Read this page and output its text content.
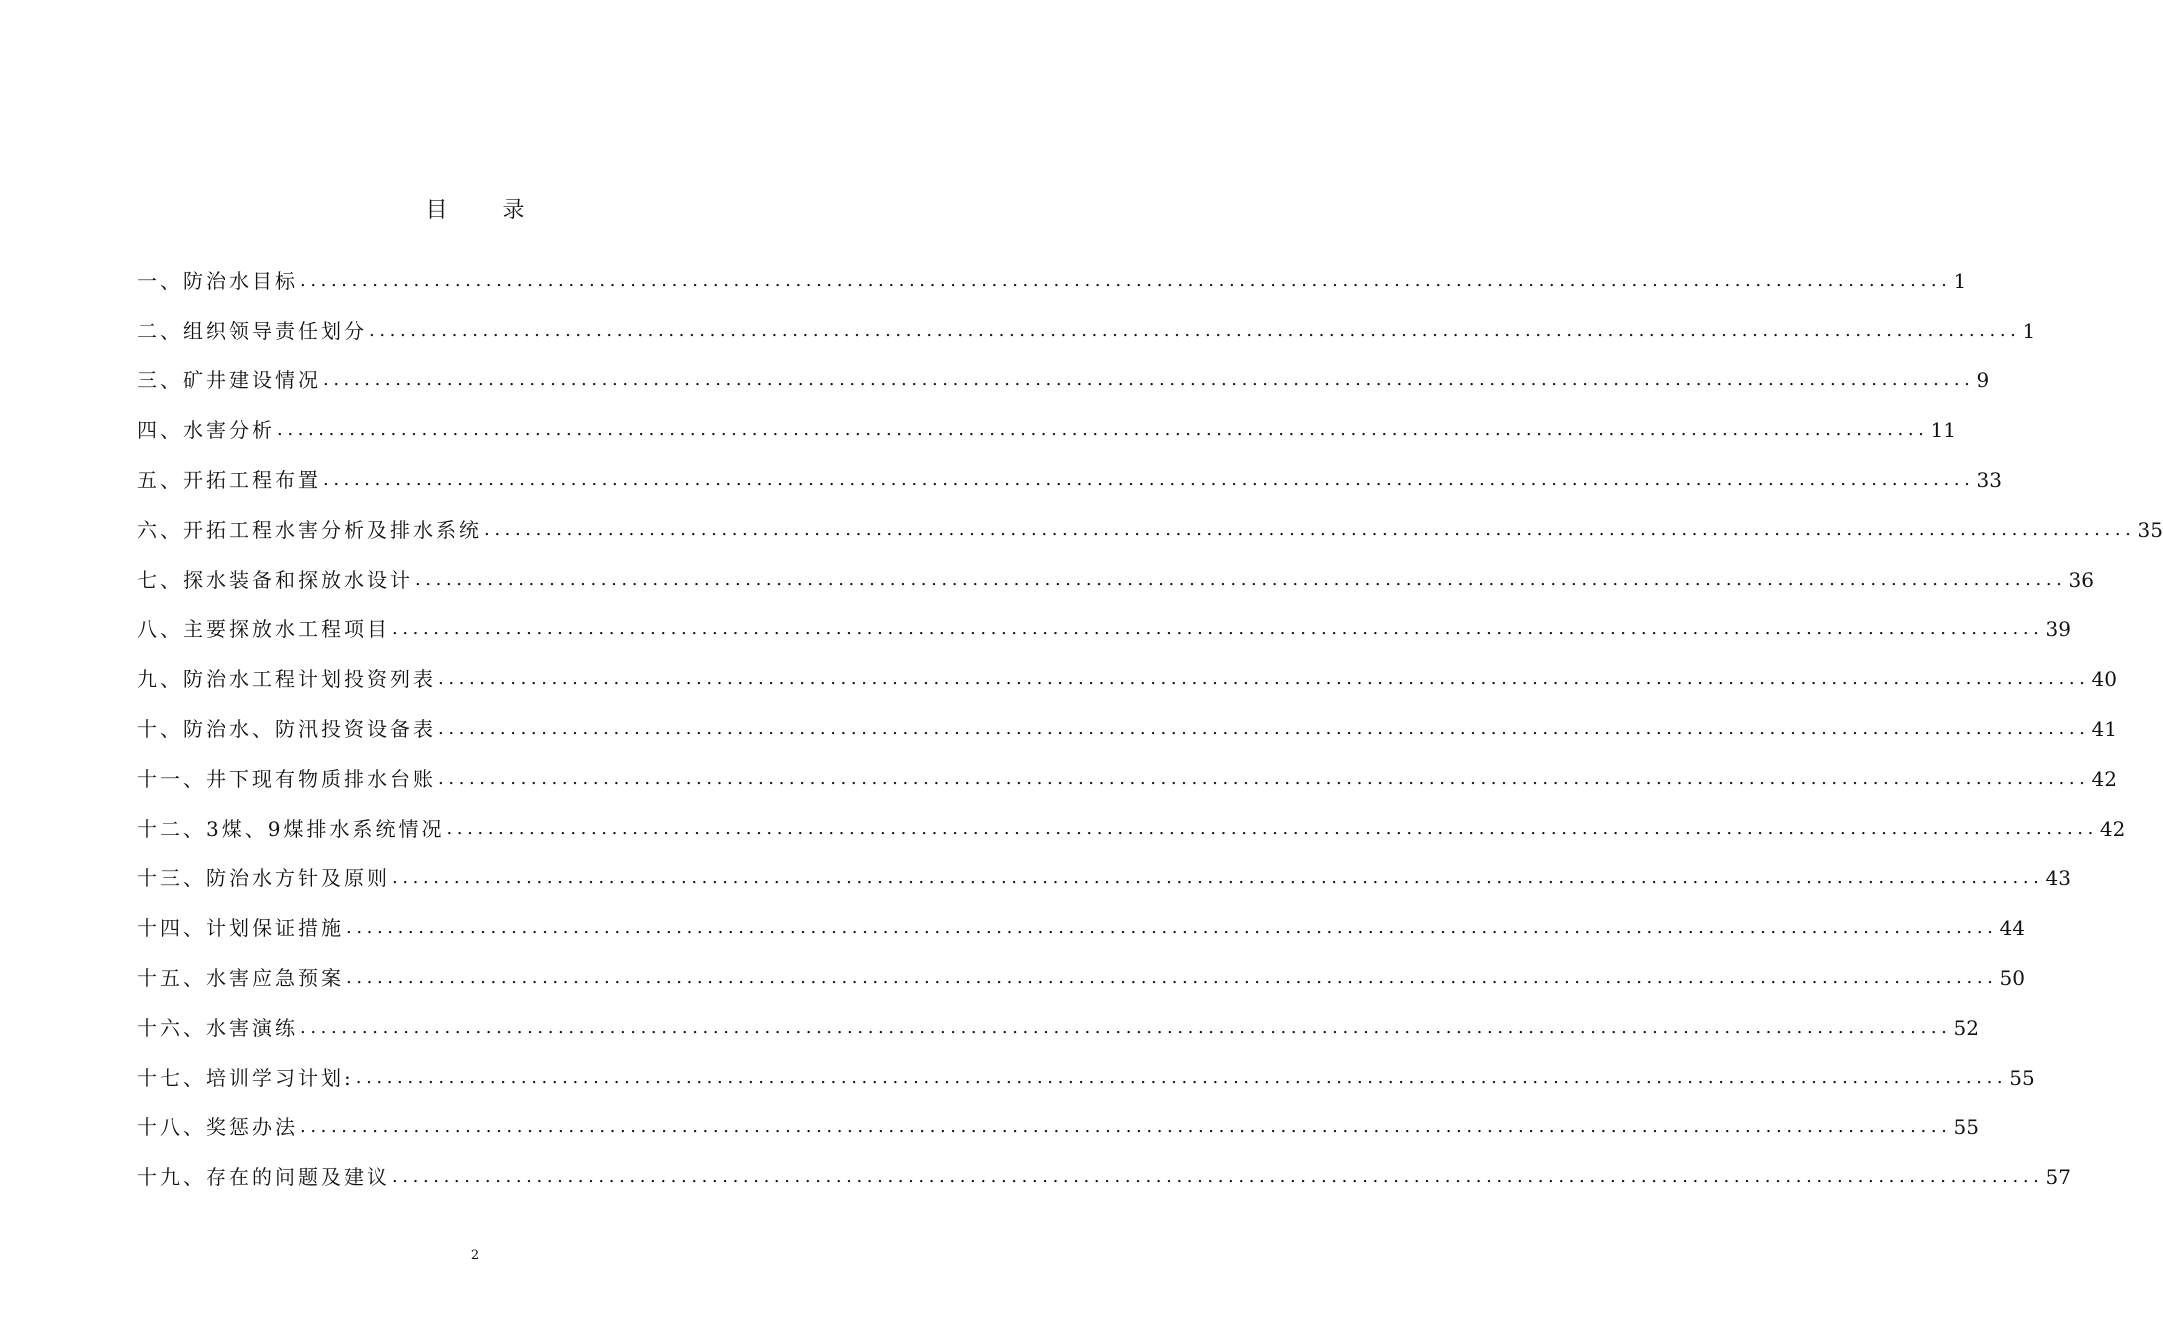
目 录
一、防治水目标 ................................................................................................................................................................ 1
二、组织领导责任划分 ................................................................................................................................................................ 1
三、矿井建设情况 ................................................................................................................................................................ 9
四、水害分析 ................................................................................................................................................................ 11
五、开拓工程布置 ................................................................................................................................................................ 33
六、开拓工程水害分析及排水系统 ................................................................................................................................................................ 35
七、探水装备和探放水设计 ................................................................................................................................................................ 36
八、主要探放水工程项目 ................................................................................................................................................................ 39
九、防治水工程计划投资列表 ................................................................................................................................................................ 40
十、防治水、防汛投资设备表 ................................................................................................................................................................ 41
十一、井下现有物质排水台账 ................................................................................................................................................................ 42
十二、3煤、9煤排水系统情况 ................................................................................................................................................................ 42
十三、防治水方针及原则 ................................................................................................................................................................ 43
十四、计划保证措施 ................................................................................................................................................................ 44
十五、水害应急预案 ................................................................................................................................................................ 50
十六、水害演练 ................................................................................................................................................................ 52
十七、培训学习计划: ................................................................................................................................................................ 55
十八、奖惩办法 ................................................................................................................................................................ 55
十九、存在的问题及建议 ................................................................................................................................................................ 57
2
